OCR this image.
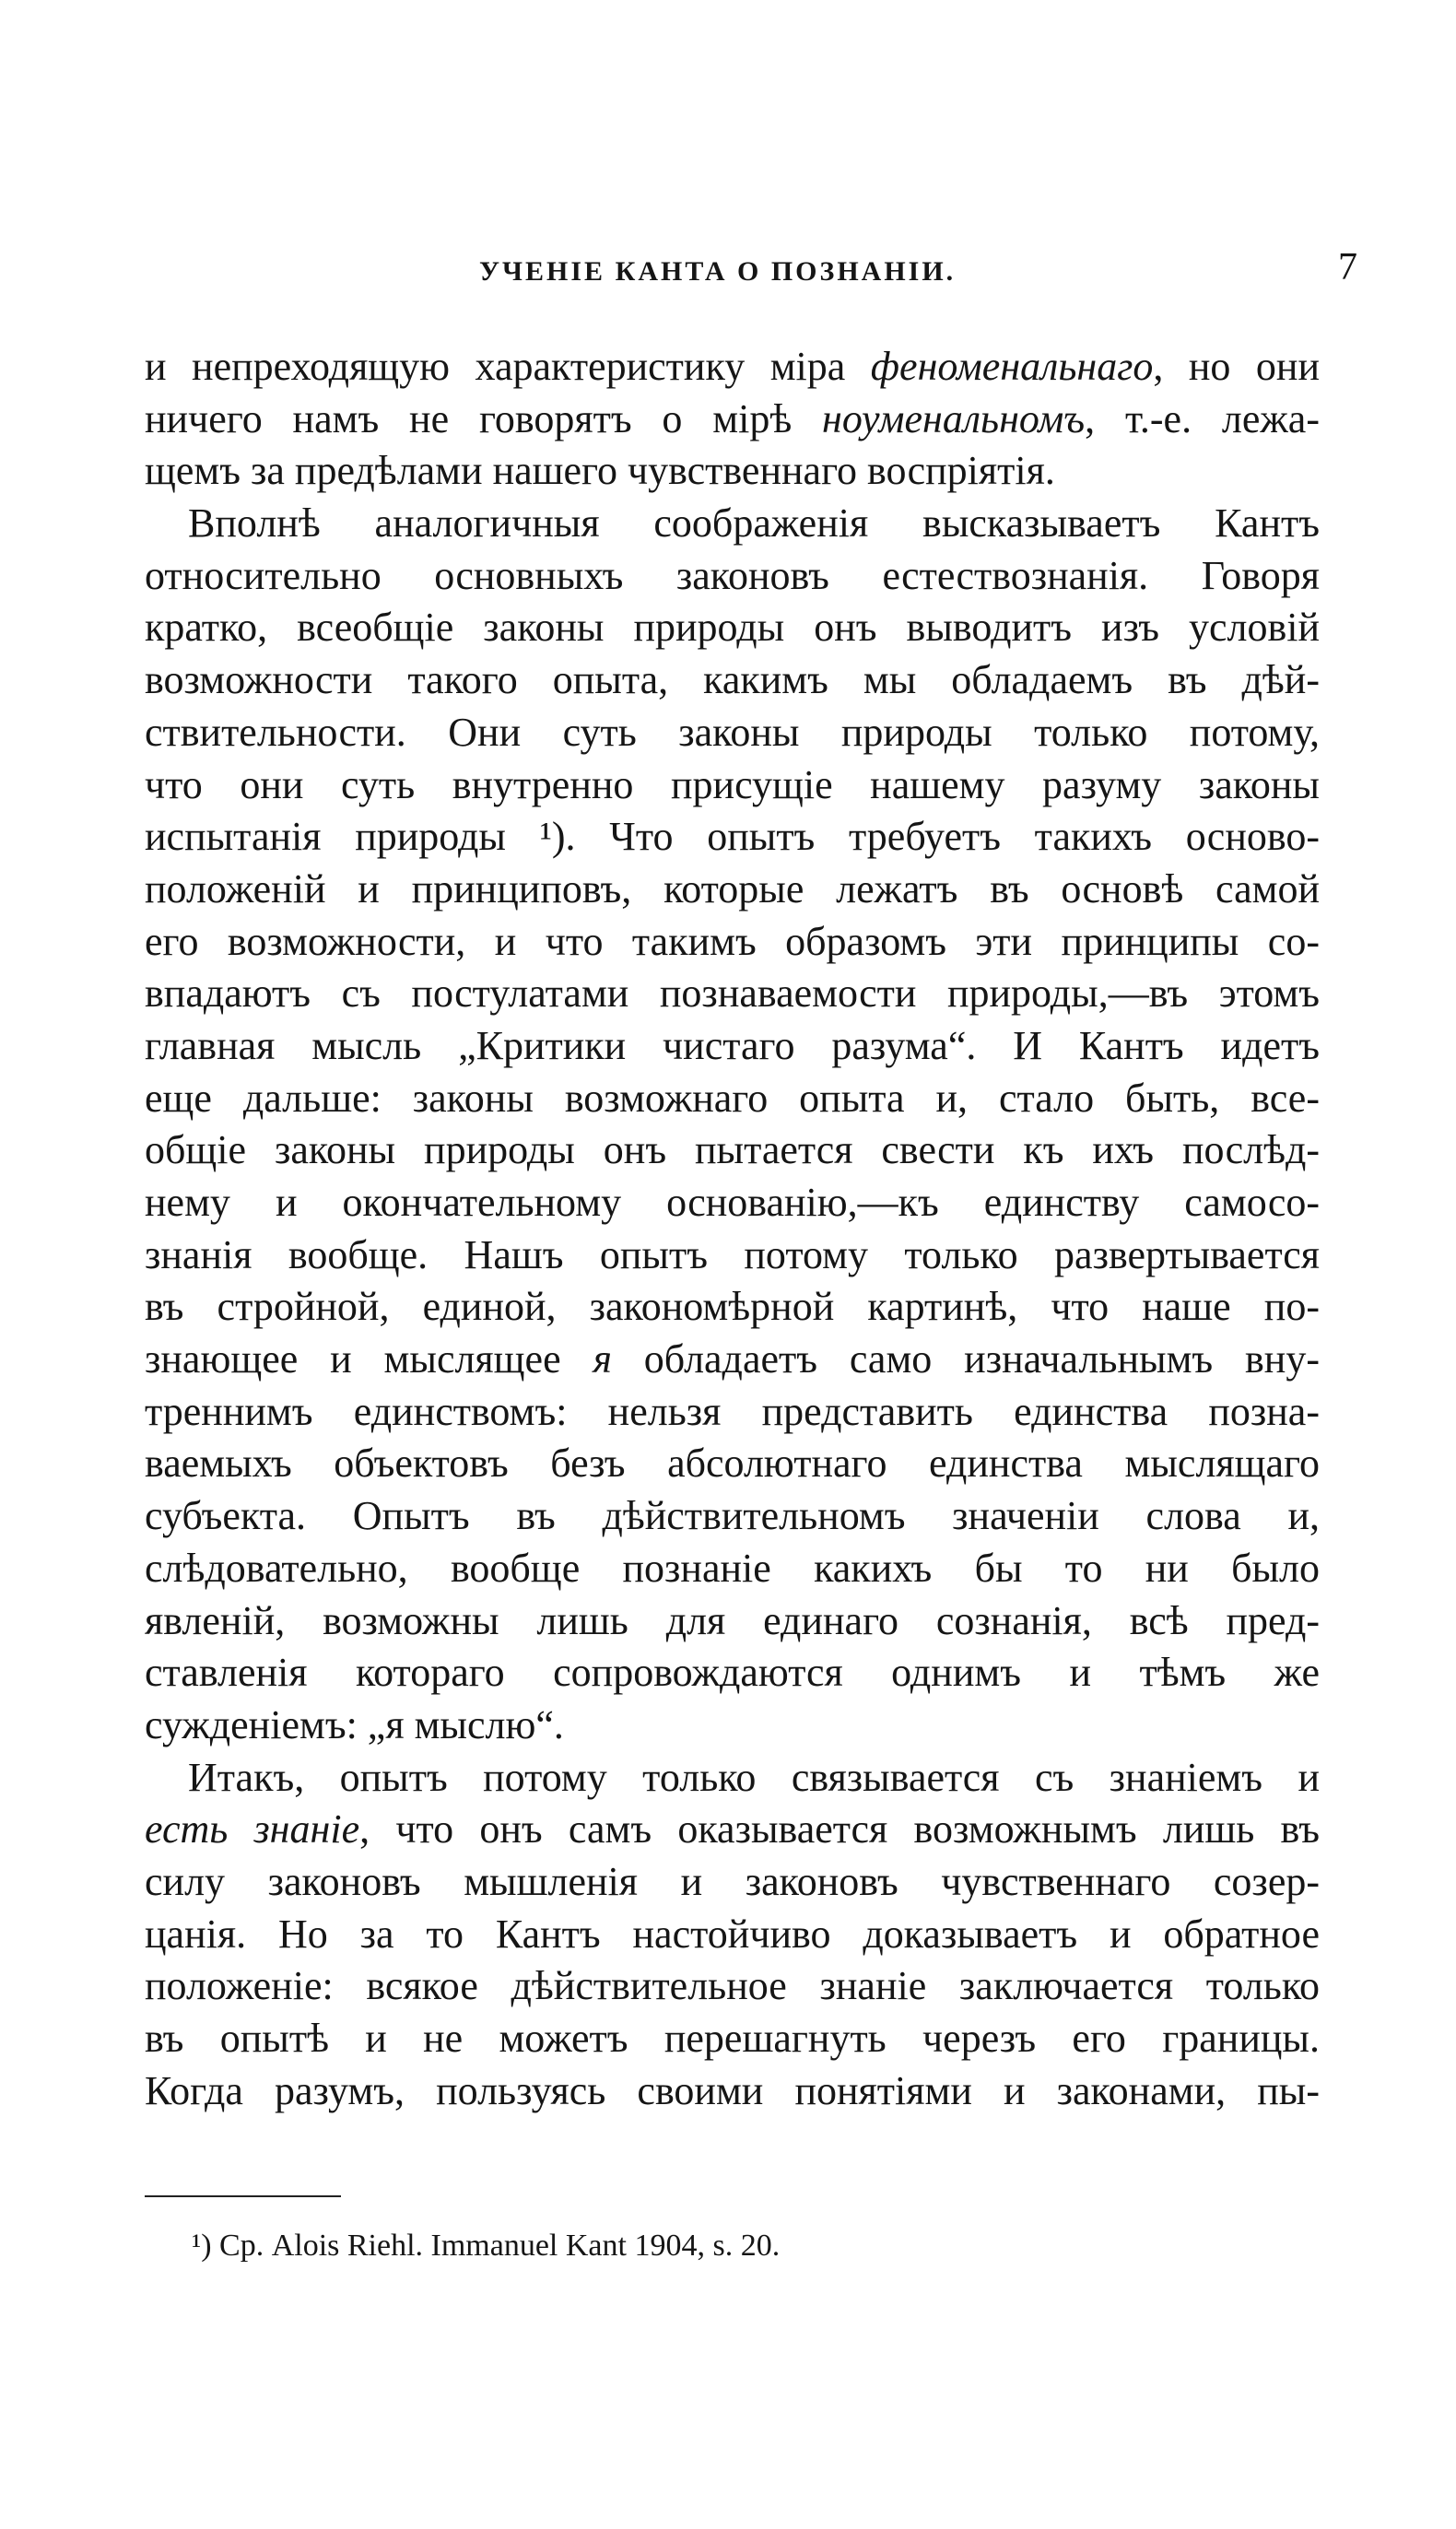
УЧЕНІЕ КАНТА О ПОЗНАНІИ.	7
и непреходящую характеристику міра феноменальнаго, но они
ничего намъ не говорятъ о мірѣ ноуменальномъ, т.-е. лежа-
щемъ за предѣлами нашего чувственнаго воспріятія.
Вполнѣ аналогичныя соображенія высказываетъ Кантъ
относительно основныхъ законовъ естествознанія. Говоря
кратко, всеобщіе законы природы онъ выводитъ изъ условій
возможности такого опыта, какимъ мы обладаемъ въ дѣй-
ствительности. Они суть законы природы только потому,
что они суть внутренно присущіе нашему разуму законы
испытанія природы ¹). Что опытъ требуетъ такихъ осново-
положеній и принциповъ, которые лежатъ въ основѣ самой
его возможности, и что такимъ образомъ эти принципы со-
впадаютъ съ постулатами познаваемости природы,—въ этомъ
главная мысль „Критики чистаго разума“. И Кантъ идетъ
еще дальше: законы возможнаго опыта и, стало быть, все-
общіе законы природы онъ пытается свести къ ихъ послѣд-
нему и окончательному основанію,—къ единству самосо-
знанія вообще. Нашъ опытъ потому только развертывается
въ стройной, единой, закономѣрной картинѣ, что наше по-
знающее и мыслящее я обладаетъ само изначальнымъ вну-
треннимъ единствомъ: нельзя представить единства позна-
ваемыхъ объектовъ безъ абсолютнаго единства мыслящаго
субъекта. Опытъ въ дѣйствительномъ значеніи слова и,
слѣдовательно, вообще познаніе какихъ бы то ни было
явленій, возможны лишь для единаго сознанія, всѣ пред-
ставленія котораго сопровождаются однимъ и тѣмъ же
сужденіемъ: „я мыслю“.
Итакъ, опытъ потому только связывается съ знаніемъ и
есть знаніе, что онъ самъ оказывается возможнымъ лишь въ
силу законовъ мышленія и законовъ чувственнаго созер-
цанія. Но за то Кантъ настойчиво доказываетъ и обратное
положеніе: всякое дѣйствительное знаніе заключается только
въ опытѣ и не можетъ перешагнуть черезъ его границы.
Когда разумъ, пользуясь своими понятіями и законами, пы-
¹) Ср. Alois Riehl. Immanuel Kant 1904, s. 20.
